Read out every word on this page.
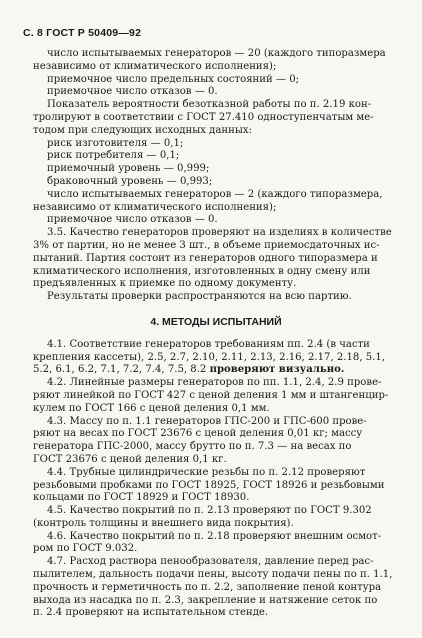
С. 8 ГОСТ Р 50409—92
число испытываемых генераторов — 20 (каждого типоразмера
независимо от климатического исполнения);
приемочное число предельных состояний — 0;
приемочное число отказов — 0.
Показатель вероятности безотказной работы по п. 2.19 кон-
тролируют в соответствии с ГОСТ 27.410 одноступенчатым ме-
тодом при следующих исходных данных:
риск изготовителя — 0,1;
риск потребителя — 0,1;
приемочный уровень — 0,999;
браковочный уровень — 0,993;
число испытываемых генераторов — 2 (каждого типоразмера,
независимо от климатического исполнения);
приемочное число отказов — 0.
3.5. Качество генераторов проверяют на изделиях в количестве
3% от партии, но не менее 3 шт., в объеме приемосдаточных ис-
пытаний. Партия состоит из генераторов одного типоразмера и
климатического исполнения, изготовленных в одну смену или
предъявленных к приемке по одному документу.
Результаты проверки распространяются на всю партию.
4. МЕТОДЫ ИСПЫТАНИЙ
4.1. Соответствие генераторов требованиям пп. 2.4 (в части
крепления кассеты), 2.5, 2.7, 2.10, 2.11, 2.13, 2.16, 2.17, 2.18, 5.1,
5.2, 6.1, 6.2, 7.1, 7.2, 7.4, 7.5, 8.2 проверяют визуально.
4.2. Линейные размеры генераторов по пп. 1.1, 2.4, 2.9 прове-
ряют линейкой по ГОСТ 427 с ценой деления 1 мм и штангенцир-
кулем по ГОСТ 166 с ценой деления 0,1 мм.
4.3. Массу по п. 1.1 генераторов ГПС-200 и ГПС-600 прове-
ряют на весах по ГОСТ 23676 с ценой деления 0,01 кг; массу
генератора ГПС-2000, массу брутто по п. 7.3 — на весах по
ГОСТ 23676 с ценой деления 0,1 кг.
4.4. Трубные цилиндрические резьбы по п. 2.12 проверяют
резьбовыми пробками по ГОСТ 18925, ГОСТ 18926 и резьбовыми
кольцами по ГОСТ 18929 и ГОСТ 18930.
4.5. Качество покрытий по п. 2.13 проверяют по ГОСТ 9.302
(контроль толщины и внешнего вида покрытия).
4.6. Качество покрытий по п. 2.18 проверяют внешним осмот-
ром по ГОСТ 9.032.
4.7. Расход раствора пенообразователя, давление перед рас-
пылителем, дальность подачи пены, высоту подачи пены по п. 1.1,
прочность и герметичность по п. 2.2, заполнение пеной контура
выхода из насадка по п. 2.3, закрепление и натяжение сеток по
п. 2.4 проверяют на испытательном стенде.
